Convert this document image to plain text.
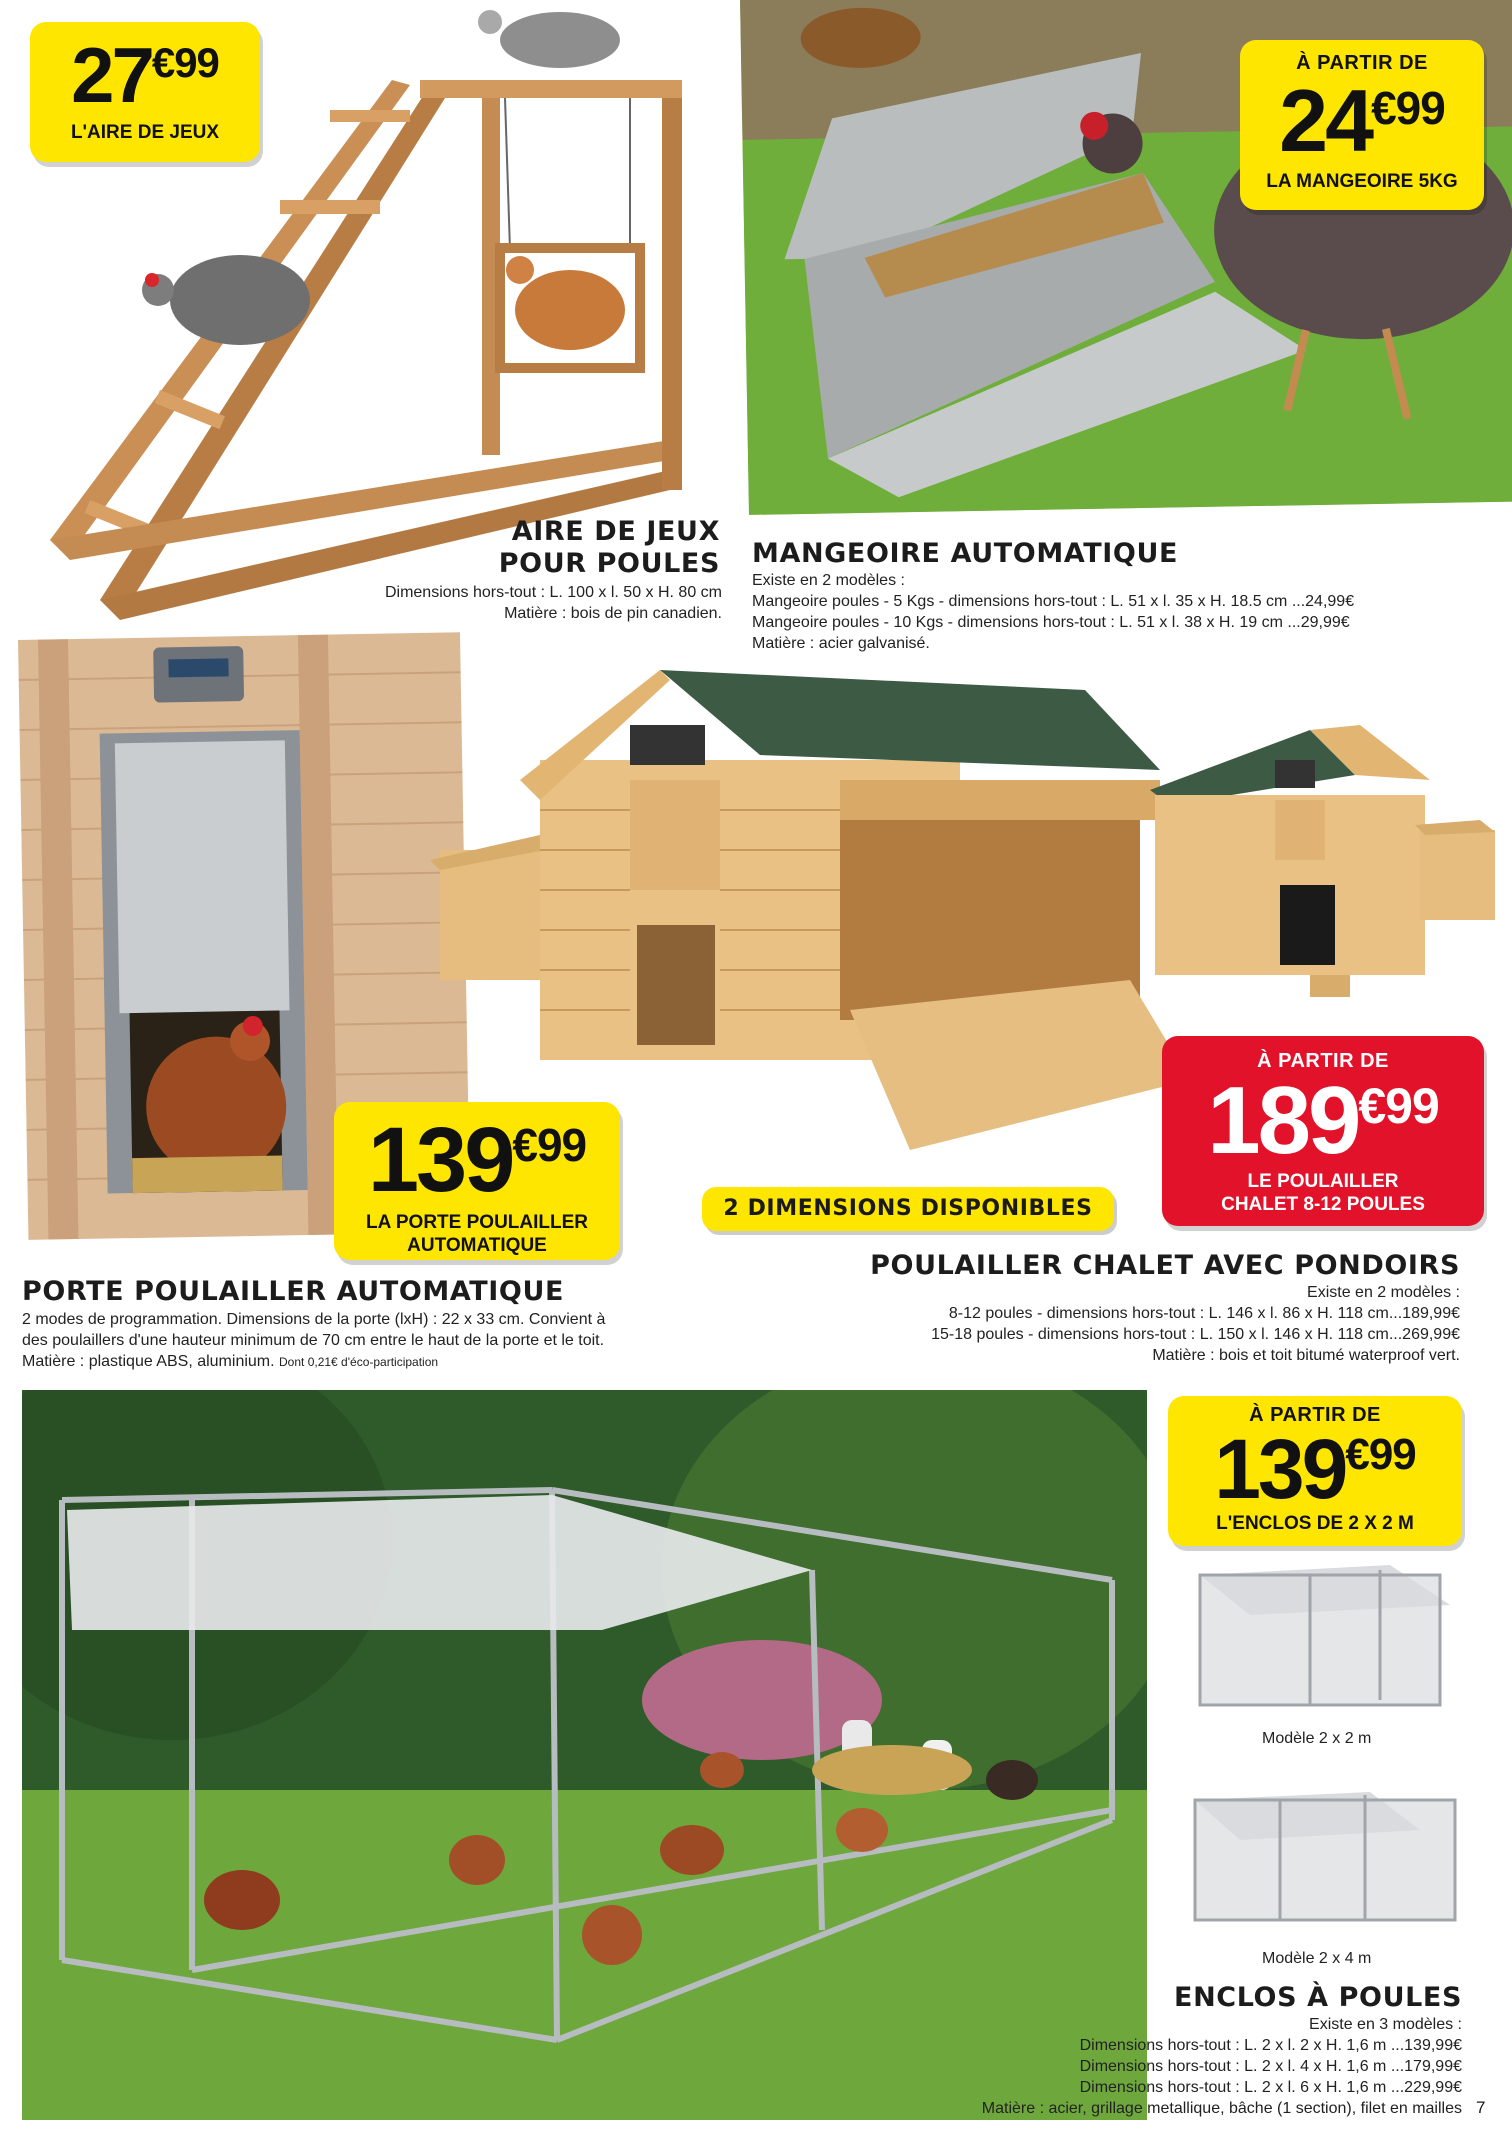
27€99
L'AIRE DE JEUX
AIRE DE JEUX
POUR POULES
Dimensions hors-tout : L. 100 x l. 50 x H. 80 cm
Matière : bois de pin canadien.
À PARTIR DE
24€99
LA MANGEOIRE 5KG
MANGEOIRE AUTOMATIQUE
Existe en 2 modèles :
Mangeoire poules - 5 Kgs - dimensions hors-tout : L. 51 x l. 35 x H. 18.5 cm ...24,99€
Mangeoire poules - 10 Kgs - dimensions hors-tout : L. 51 x l. 38 x H. 19 cm ...29,99€
Matière : acier galvanisé.
139€99
LA PORTE POULAILLER
AUTOMATIQUE
PORTE POULAILLER AUTOMATIQUE
2 modes de programmation. Dimensions de la porte (lxH) : 22 x 33 cm. Convient à
des poulaillers d'une hauteur minimum de 70 cm entre le haut de la porte et le toit.
Matière : plastique ABS, aluminium. Dont 0,21€ d'éco-participation
À PARTIR DE
189€99
LE POULAILLER
CHALET 8-12 POULES
2 DIMENSIONS DISPONIBLES
POULAILLER CHALET AVEC PONDOIRS
Existe en 2 modèles :
8-12 poules - dimensions hors-tout : L. 146 x l. 86 x H. 118 cm...189,99€
15-18 poules - dimensions hors-tout : L. 150 x l. 146 x H. 118 cm...269,99€
Matière : bois et toit bitumé waterproof vert.
À PARTIR DE
139€99
L'ENCLOS DE 2 X 2 M
Modèle 2 x 2 m
Modèle 2 x 4 m
ENCLOS À POULES
Existe en 3 modèles :
Dimensions hors-tout : L. 2 x l. 2 x H. 1,6 m ...139,99€
Dimensions hors-tout : L. 2 x l. 4 x H. 1,6 m ...179,99€
Dimensions hors-tout : L. 2 x l. 6 x H. 1,6 m ...229,99€
Matière : acier, grillage metallique, bâche (1 section), filet en mailles 7
